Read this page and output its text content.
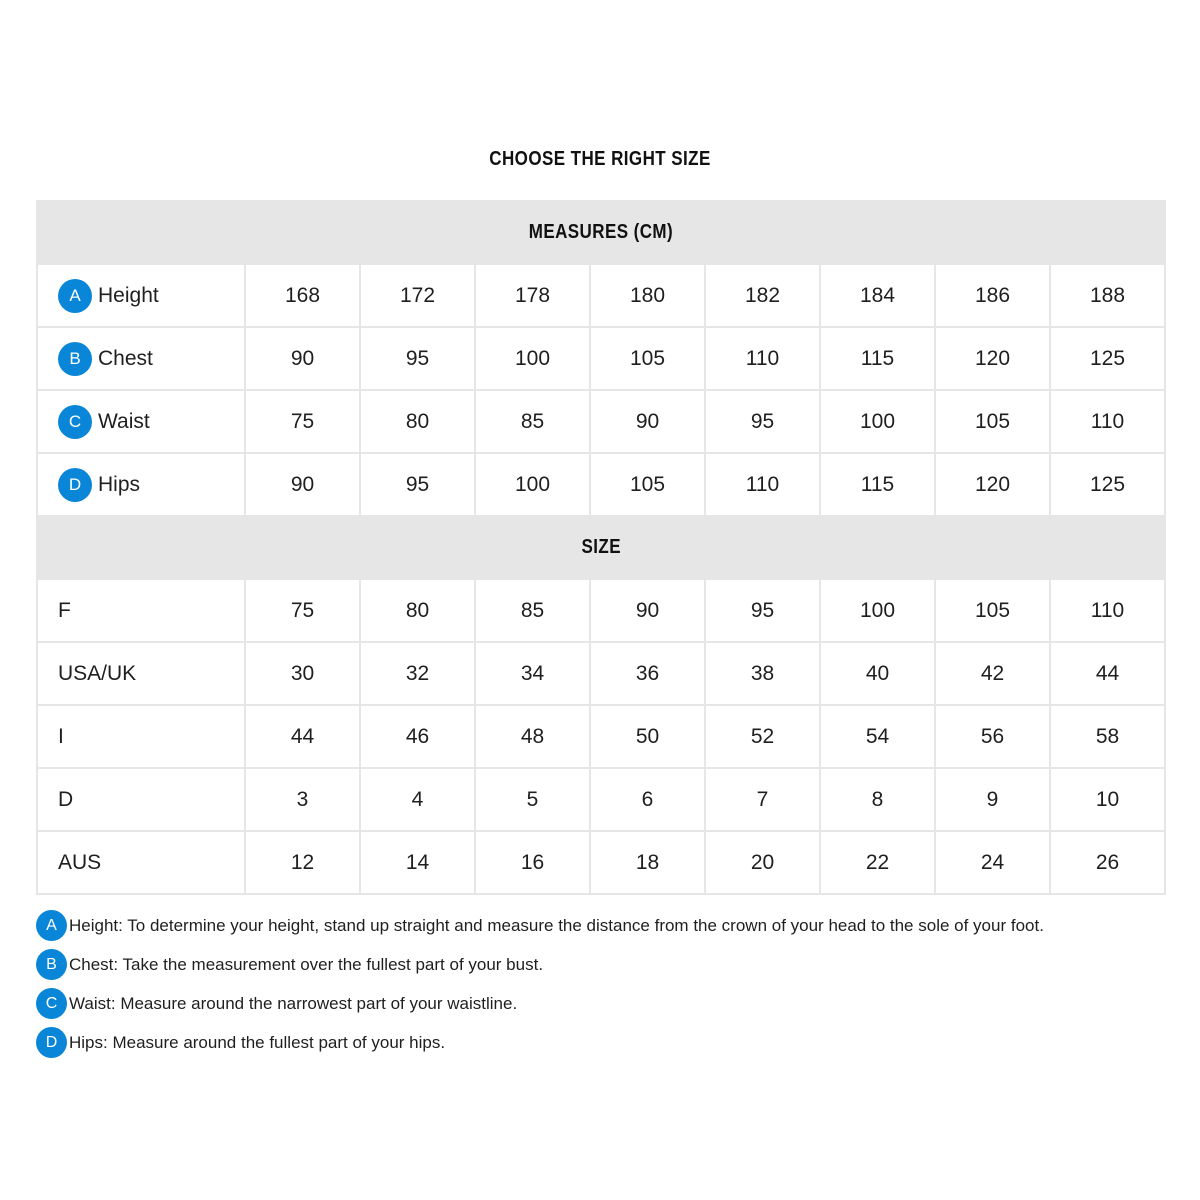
CHOOSE THE RIGHT SIZE
MEASURES (CM)								
A Height	168	172	178	180	182	184	186	188
B Chest	90	95	100	105	110	115	120	125
C Waist	75	80	85	90	95	100	105	110
D Hips	90	95	100	105	110	115	120	125
SIZE								
F	75	80	85	90	95	100	105	110
USA/UK	30	32	34	36	38	40	42	44
I	44	46	48	50	52	54	56	58
D	3	4	5	6	7	8	9	10
AUS	12	14	16	18	20	22	24	26
A Height: To determine your height, stand up straight and measure the distance from the crown of your head to the sole of your foot.
B Chest: Take the measurement over the fullest part of your bust.
C Waist: Measure around the narrowest part of your waistline.
D Hips: Measure around the fullest part of your hips.
